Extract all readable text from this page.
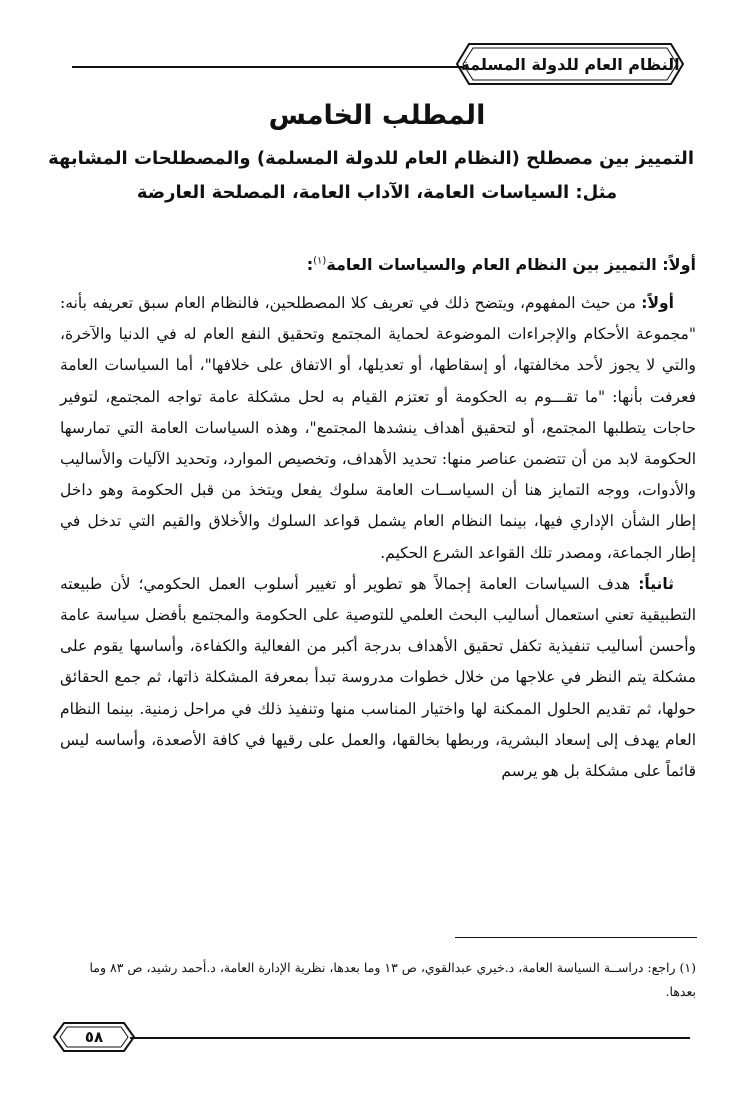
النظام العام للدولة المسلمة
المطلب الخامس
التمييز بين مصطلح (النظام العام للدولة المسلمة) والمصطلحات المشابهة
مثل: السياسات العامة، الآداب العامة، المصلحة العارضة
أولاً: التمييز بين النظام العام والسياسات العامة$^{(١)}$:

أولاً: من حيث المفهوم، ويتضح ذلك في تعريف كلا المصطلحين، فالنظام العام سبق تعريفه بأنه: "مجموعة الأحكام والإجراءات الموضوعة لحماية المجتمع وتحقيق النفع العام له في الدنيا والآخرة، والتي لا يجوز لأحد مخالفتها، أو إسقاطها، أو تعديلها، أو الاتفاق على خلافها"، أما السياسات العامة فعرفت بأنها: "ما تقـــوم به الحكومة أو تعتزم القيام به لحل مشكلة عامة تواجه المجتمع، لتوفير حاجات يتطلبها المجتمع، أو لتحقيق أهداف ينشدها المجتمع"، وهذه السياسات العامة التي تمارسها الحكومة لابد من أن تتضمن عناصر منها: تحديد الأهداف، وتخصيص الموارد، وتحديد الآليات والأساليب والأدوات، ووجه التمايز هنا أن السياســات العامة سلوك يفعل ويتخذ من قبل الحكومة وهو داخل إطار الشأن الإداري فيها، بينما النظام العام يشمل قواعد السلوك والأخلاق والقيم التي تدخل في إطار الجماعة، ومصدر تلك القواعد الشرع الحكيم.

ثانياً: هدف السياسات العامة إجمالاً هو تطوير أو تغيير أسلوب العمل الحكومي؛ لأن طبيعته التطبيقية تعني استعمال أساليب البحث العلمي للتوصية على الحكومة والمجتمع بأفضل سياسة عامة وأحسن أساليب تنفيذية تكفل تحقيق الأهداف بدرجة أكبر من الفعالية والكفاءة، وأساسها يقوم على مشكلة يتم النظر في علاجها من خلال خطوات مدروسة تبدأ بمعرفة المشكلة ذاتها، ثم جمع الحقائق حولها، ثم تقديم الحلول الممكنة لها واختيار المناسب منها وتنفيذ ذلك في مراحل زمنية. بينما النظام العام يهدف إلى إسعاد البشرية، وربطها بخالقها، والعمل على رقيها في كافة الأصعدة، وأساسه ليس قائماً على مشكلة بل هو يرسم

(١) راجع: دراســة السياسة العامة، د.خيري عبدالقوي، ص ١٣ وما بعدها، نظرية الإدارة العامة، د.أحمد رشيد، ص ٨٣ وما بعدها.
٥٨
